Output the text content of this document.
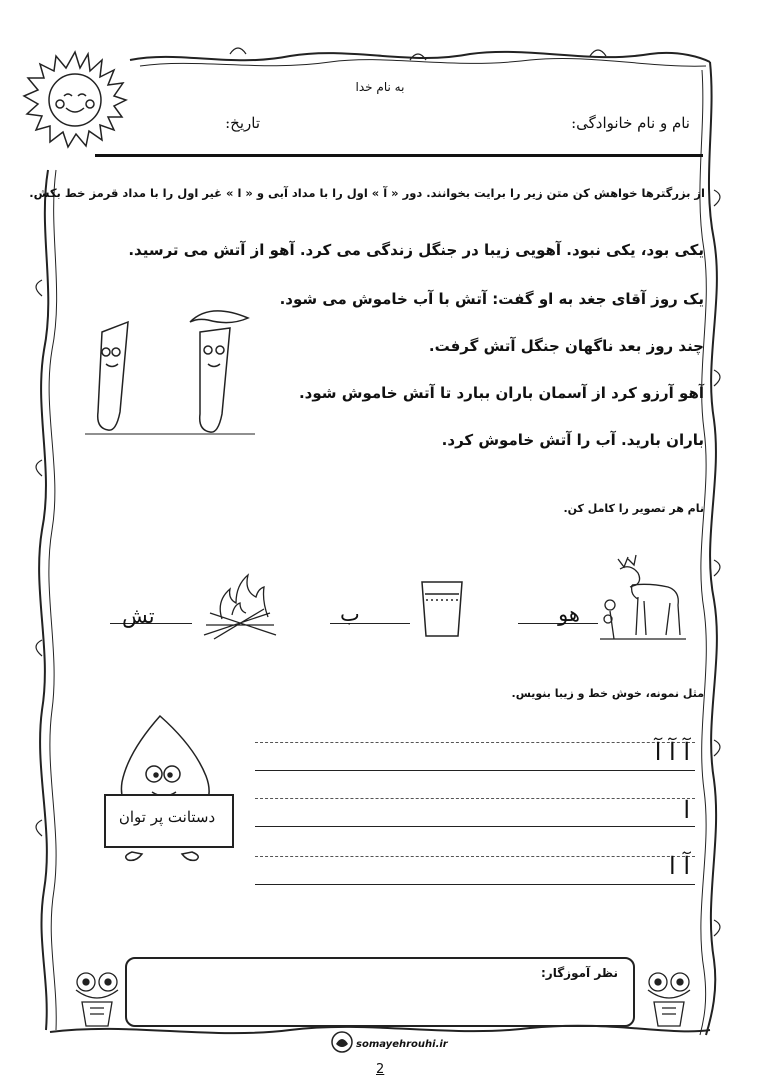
به نام خدا
نام و نام خانوادگی:
تاریخ:
از بزرگترها خواهش کن متن زیر را برایت بخوانند. دور « آ » اول را با مداد آبی و « ا » غیر اول را با مداد قرمز خط بکش.
یکی بود، یکی نبود. آهویی زیبا در جنگل زندگی می کرد. آهو از آتش می ترسید.
یک روز آقای جغد به او گفت: آتش با آب خاموش می شود.
چند روز بعد ناگهان جنگل آتش گرفت.
آهو آرزو کرد از آسمان باران ببارد تا آتش خاموش شود.
باران بارید. آب را آتش خاموش کرد.
نام هر تصویر را کامل کن.
هو
ب
تش
مثل نمونه، خوش خط و زیبا بنویس.
آ آ آ
ا
آ ا
دستانت پر توان
نظر آموزگار:
somayehrouhi.ir
2
